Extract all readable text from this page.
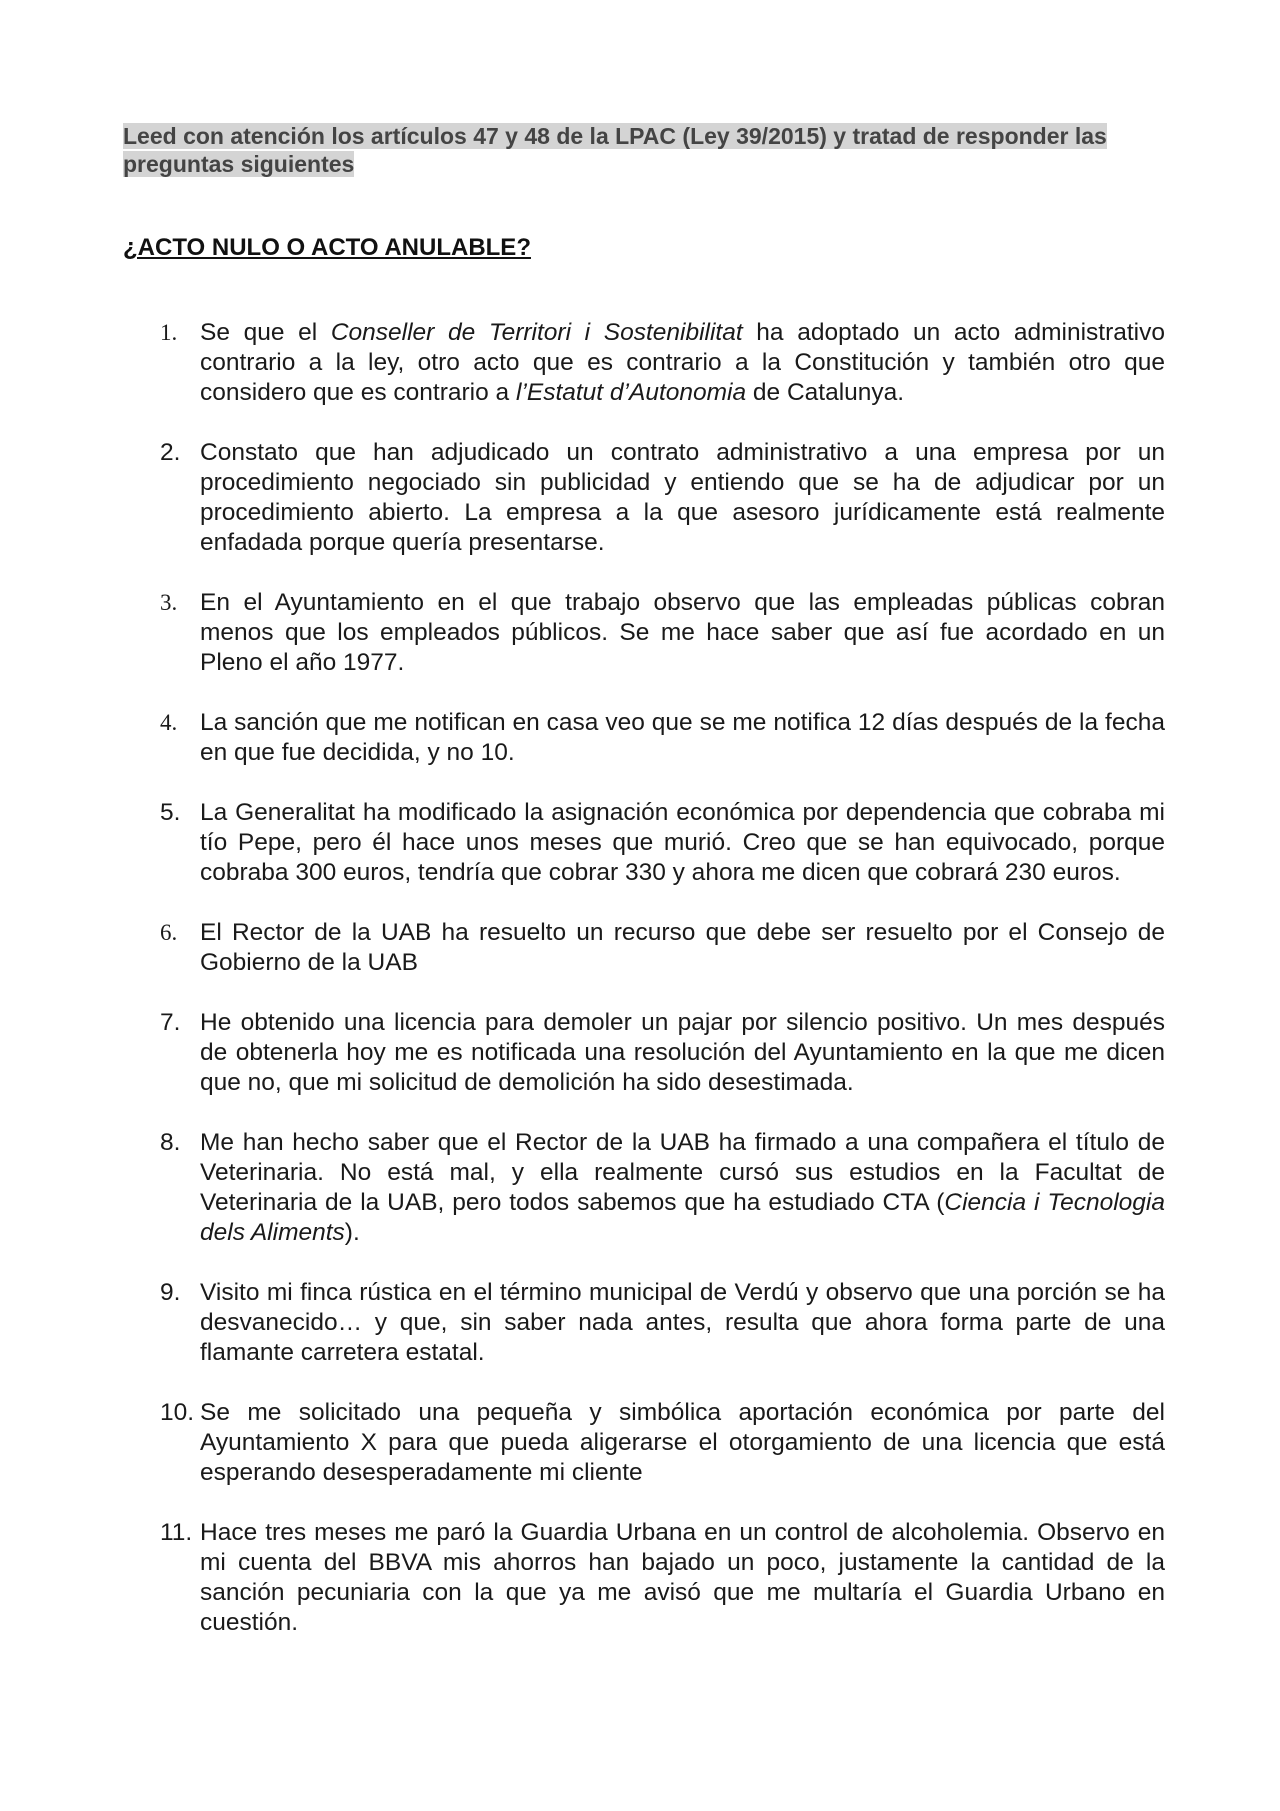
Leed con atención los artículos 47 y 48 de la LPAC (Ley 39/2015) y tratad de responder las preguntas siguientes
¿ACTO NULO O ACTO ANULABLE?
1. Se que el Conseller de Territori i Sostenibilitat ha adoptado un acto administrativo contrario a la ley, otro acto que es contrario a la Constitución y también otro que considero que es contrario a l’Estatut d’Autonomia de Catalunya.
2. Constato que han adjudicado un contrato administrativo a una empresa por un procedimiento negociado sin publicidad y entiendo que se ha de adjudicar por un procedimiento abierto. La empresa a la que asesoro jurídicamente está realmente enfadada porque quería presentarse.
3. En el Ayuntamiento en el que trabajo observo que las empleadas públicas cobran menos que los empleados públicos. Se me hace saber que así fue acordado en un Pleno el año 1977.
4. La sanción que me notifican en casa veo que se me notifica 12 días después de la fecha en que fue decidida, y no 10.
5. La Generalitat ha modificado la asignación económica por dependencia que cobraba mi tío Pepe, pero él hace unos meses que murió. Creo que se han equivocado, porque cobraba 300 euros, tendría que cobrar 330 y ahora me dicen que cobrará 230 euros.
6. El Rector de la UAB ha resuelto un recurso que debe ser resuelto por el Consejo de Gobierno de la UAB
7. He obtenido una licencia para demoler un pajar por silencio positivo. Un mes después de obtenerla hoy me es notificada una resolución del Ayuntamiento en la que me dicen que no, que mi solicitud de demolición ha sido desestimada.
8. Me han hecho saber que el Rector de la UAB ha firmado a una compañera el título de Veterinaria. No está mal, y ella realmente cursó sus estudios en la Facultat de Veterinaria de la UAB, pero todos sabemos que ha estudiado CTA (Ciencia i Tecnologia dels Aliments).
9. Visito mi finca rústica en el término municipal de Verdú y observo que una porción se ha desvanecido… y que, sin saber nada antes, resulta que ahora forma parte de una flamante carretera estatal.
10. Se me solicitado una pequeña y simbólica aportación económica por parte del Ayuntamiento X para que pueda aligerarse el otorgamiento de una licencia que está esperando desesperadamente mi cliente
11. Hace tres meses me paró la Guardia Urbana en un control de alcoholemia. Observo en mi cuenta del BBVA mis ahorros han bajado un poco, justamente la cantidad de la sanción pecuniaria con la que ya me avisó que me multaría el Guardia Urbano en cuestión.
